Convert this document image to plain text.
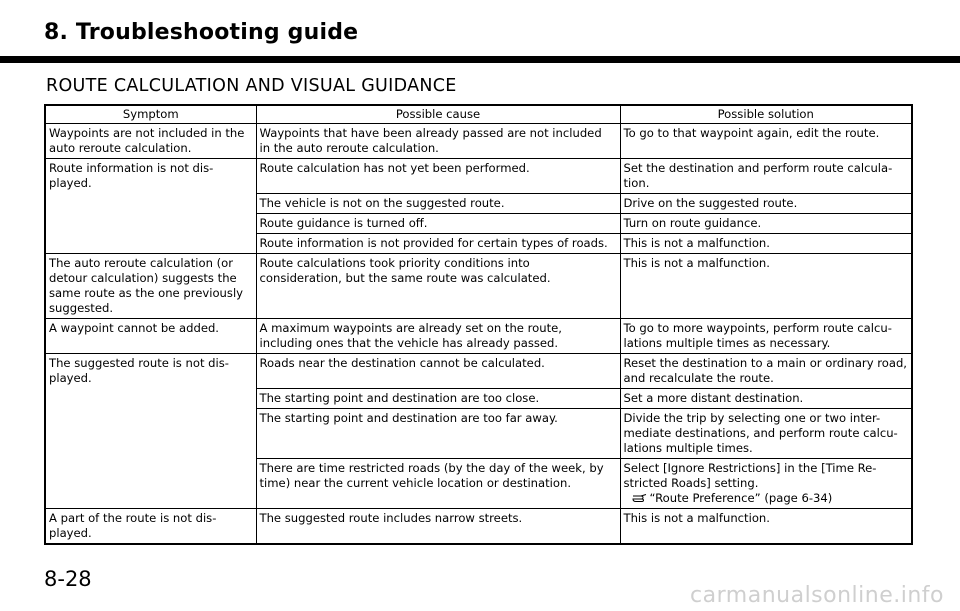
8. Troubleshooting guide
ROUTE CALCULATION AND VISUAL GUIDANCE
Symptom	Possible cause	Possible solution
Waypoints are not included in the auto reroute calculation.	Waypoints that have been already passed are not included in the auto reroute calculation.	To go to that waypoint again, edit the route.
Route information is not dis-played.	Route calculation has not yet been performed.	Set the destination and perform route calcula-tion.
	The vehicle is not on the suggested route.	Drive on the suggested route.
	Route guidance is turned off.	Turn on route guidance.
	Route information is not provided for certain types of roads.	This is not a malfunction.
The auto reroute calculation (or detour calculation) suggests the same route as the one previously suggested.	Route calculations took priority conditions into consideration, but the same route was calculated.	This is not a malfunction.
A waypoint cannot be added.	A maximum waypoints are already set on the route, including ones that the vehicle has already passed.	To go to more waypoints, perform route calcu-lations multiple times as necessary.
The suggested route is not dis-played.	Roads near the destination cannot be calculated.	Reset the destination to a main or ordinary road, and recalculate the route.
	The starting point and destination are too close.	Set a more distant destination.
	The starting point and destination are too far away.	Divide the trip by selecting one or two inter-mediate destinations, and perform route calcu-lations multiple times.
	There are time restricted roads (by the day of the week, by time) near the current vehicle location or destination.	Select [Ignore Restrictions] in the [Time Re-stricted Roads] setting.
“Route Preference” (page 6-34)

A part of the route is not dis-played.	The suggested route includes narrow streets.	This is not a malfunction.
8-28
carmanualsonline.info
